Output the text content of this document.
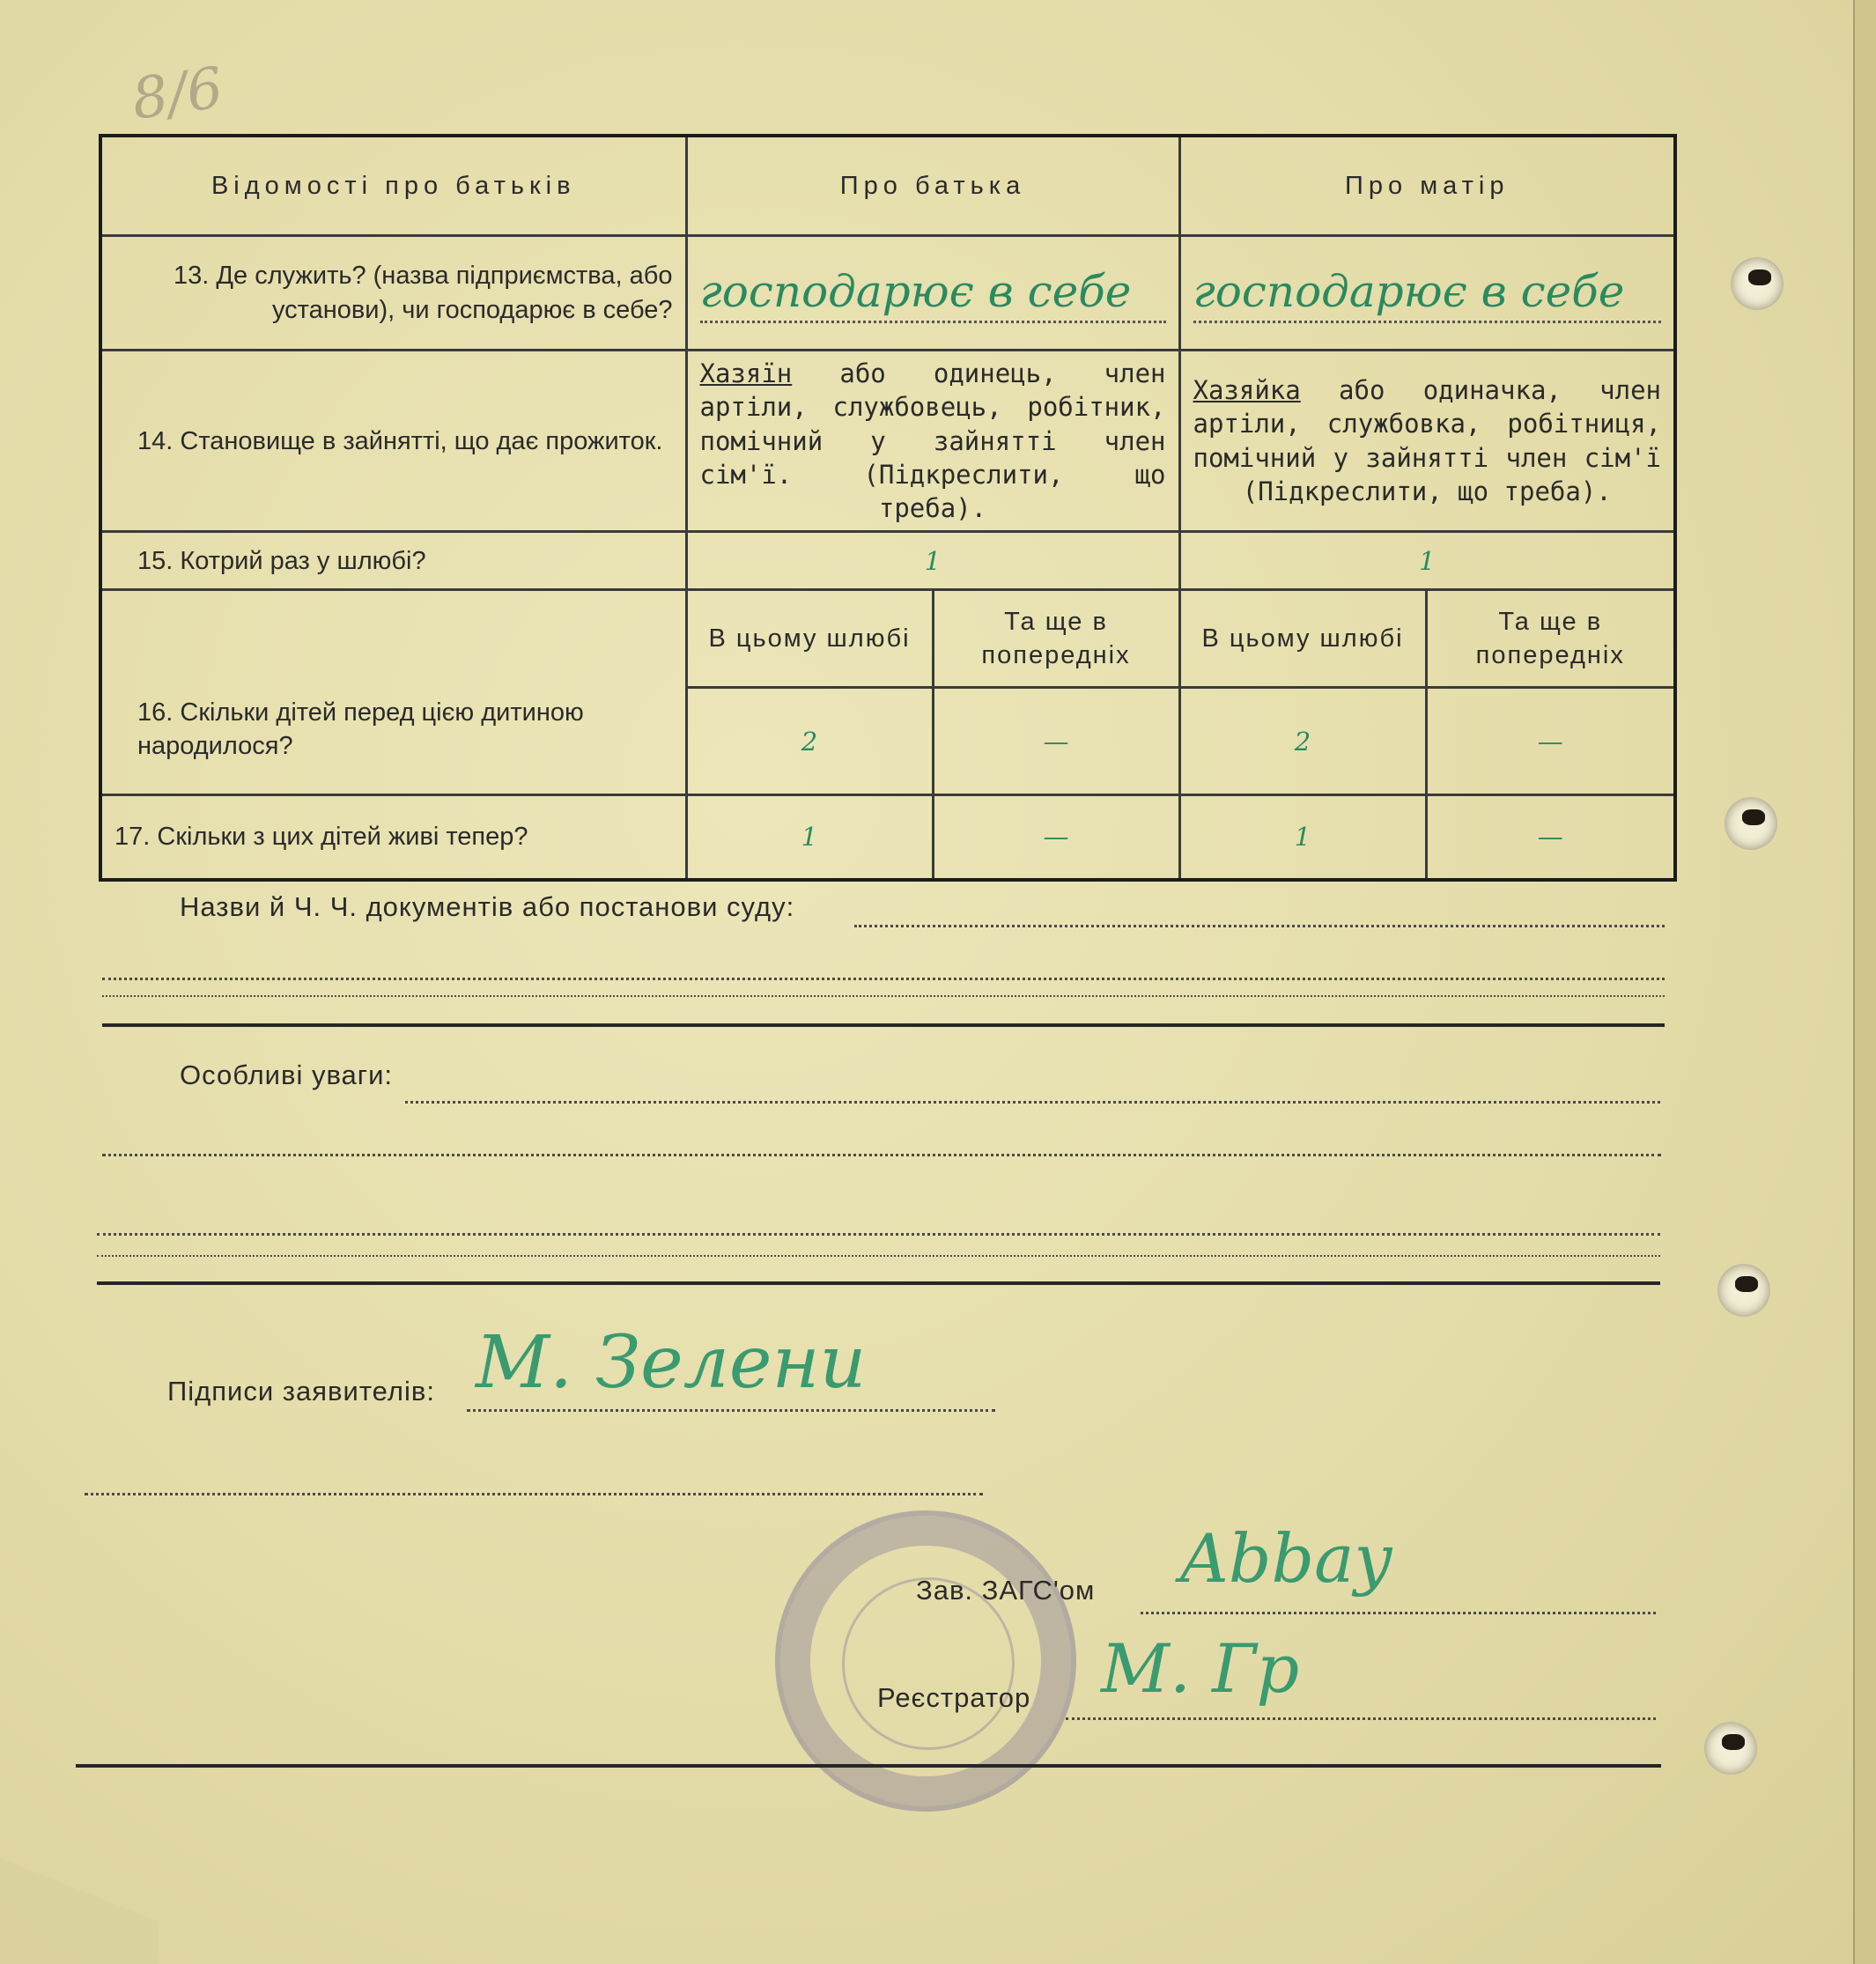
8/6
Відомості про батьків	Про батька		Про матір	
13. Де служить? (назва підприємства, або установи), чи господарює в себе?	господарює в себе		господарює в себе	

14. Становище в зайнятті, що дає прожиток.	Хазяїн або одинець, член артіли, службовець, робітник, помічний у зайнятті член сім'ї. (Підкреслити, що треба).		Хазяйка або одиначка, член артіли, службовка, робітниця, помічний у зайнятті член сім'ї (Підкреслити, що треба).	
15. Котрий раз у шлюбі?	1		1	
16. Скільки дітей перед цією дитиною народилося?	В цьому шлюбі	Та ще в попередніх	В цьому шлюбі	Та ще в попередніх
	2	—	2	—
17. Скільки з цих дітей живі тепер?	1	—	1	—
Назви й Ч. Ч. документів або постанови суду:
Особливі уваги:
Підписи заявителів: М. Зелени
Зав. ЗАГС'ом Abbay
Реєстратор М. Гр
